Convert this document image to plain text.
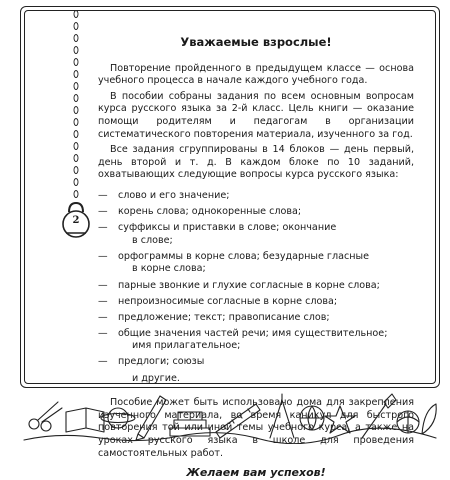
2
Уважаемые взрослые!

Повторение пройденного в предыдущем классе — основа учебного процесса в начале каждого учебного года.

В пособии собраны задания по всем основным вопросам курса русского языка за 2-й класс. Цель книги — оказание помощи родителям и педагогам в организации систематического повторения материала, изученного за год.

Все задания сгруппированы в 14 блоков — день первый, день второй и т. д. В каждом блоке по 10 заданий, охватывающих следующие вопросы курса русского языка:

— слово и его значение;
— корень слова; однокоренные слова;
— суффиксы и приставки в слове; окончание
в слове;
— орфограммы в корне слова; безударные гласные
в корне слова;
— парные звонкие и глухие согласные в корне слова;
— непроизносимые согласные в корне слова;
— предложение; текст; правописание слов;
— общие значения частей речи; имя существительное;
имя прилагательное;
— предлоги; союзы
и другие.

Пособие может быть использовано дома для закрепления изученного материала, во время каникул для быстрого повторения той или иной темы учебного курса, а также на уроках русского языка в школе для проведения самостоятельных работ.

Желаем вам успехов!
